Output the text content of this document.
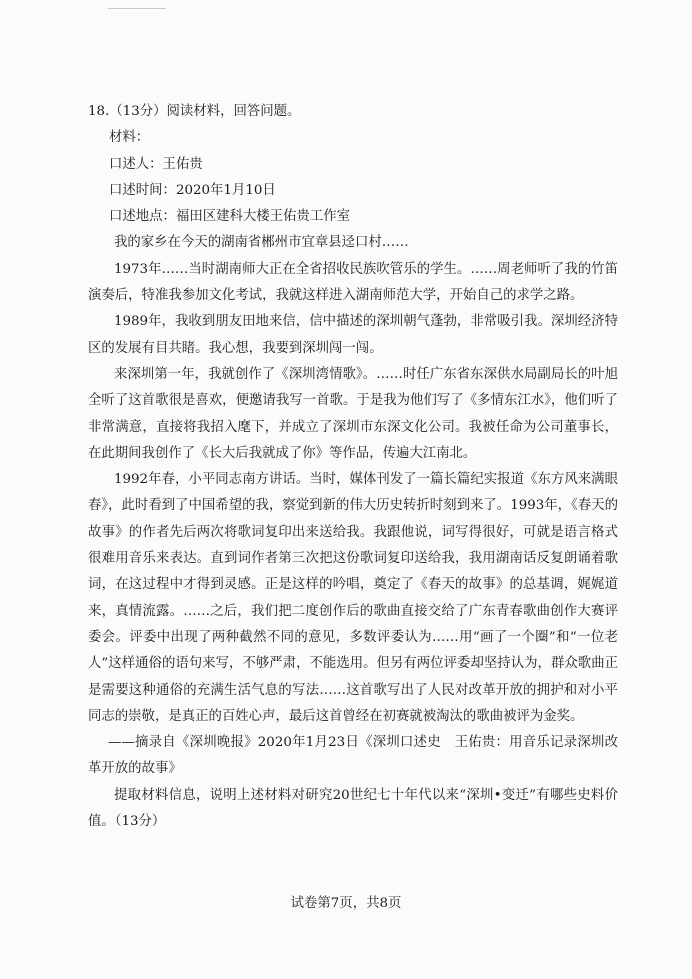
18.（13分）阅读材料，回答问题。

材料：

口述人：王佑贵

口述时间：2020年1月10日

口述地点：福田区建科大楼王佑贵工作室

我的家乡在今天的湖南省郴州市宜章县迳口村……

1973年……当时湖南师大正在全省招收民族吹管乐的学生。……周老师听了我的竹笛演奏后，特准我参加文化考试，我就这样进入湖南师范大学，开始自己的求学之路。

1989年，我收到朋友田地来信，信中描述的深圳朝气蓬勃，非常吸引我。深圳经济特区的发展有目共睹。我心想，我要到深圳闯一闯。

来深圳第一年，我就创作了《深圳湾情歌》。……时任广东省东深供水局副局长的叶旭全听了这首歌很是喜欢，便邀请我写一首歌。于是我为他们写了《多情东江水》，他们听了非常满意，直接将我招入麾下，并成立了深圳市东深文化公司。我被任命为公司董事长，在此期间我创作了《长大后我就成了你》等作品，传遍大江南北。

1992年春，小平同志南方讲话。当时，媒体刊发了一篇长篇纪实报道《东方风来满眼春》，此时看到了中国希望的我，察觉到新的伟大历史转折时刻到来了。1993年，《春天的故事》的作者先后两次将歌词复印出来送给我。我跟他说，词写得很好，可就是语言格式很难用音乐来表达。直到词作者第三次把这份歌词复印送给我，我用湖南话反复朗诵着歌词，在这过程中才得到灵感。正是这样的吟唱，奠定了《春天的故事》的总基调，娓娓道来，真情流露。……之后，我们把二度创作后的歌曲直接交给了广东青春歌曲创作大赛评委会。评委中出现了两种截然不同的意见，多数评委认为……用“画了一个圈”和“一位老人”这样通俗的语句来写，不够严肃，不能选用。但另有两位评委却坚持认为，群众歌曲正是需要这种通俗的充满生活气息的写法……这首歌写出了人民对改革开放的拥护和对小平同志的崇敬，是真正的百姓心声，最后这首曾经在初赛就被淘汰的歌曲被评为金奖。

——摘录自《深圳晚报》2020年1月23日《深圳口述史　王佑贵：用音乐记录深圳改革开放的故事》

提取材料信息，说明上述材料对研究20世纪七十年代以来“深圳•变迁”有哪些史料价值。（13分）

试卷第7页，共8页
